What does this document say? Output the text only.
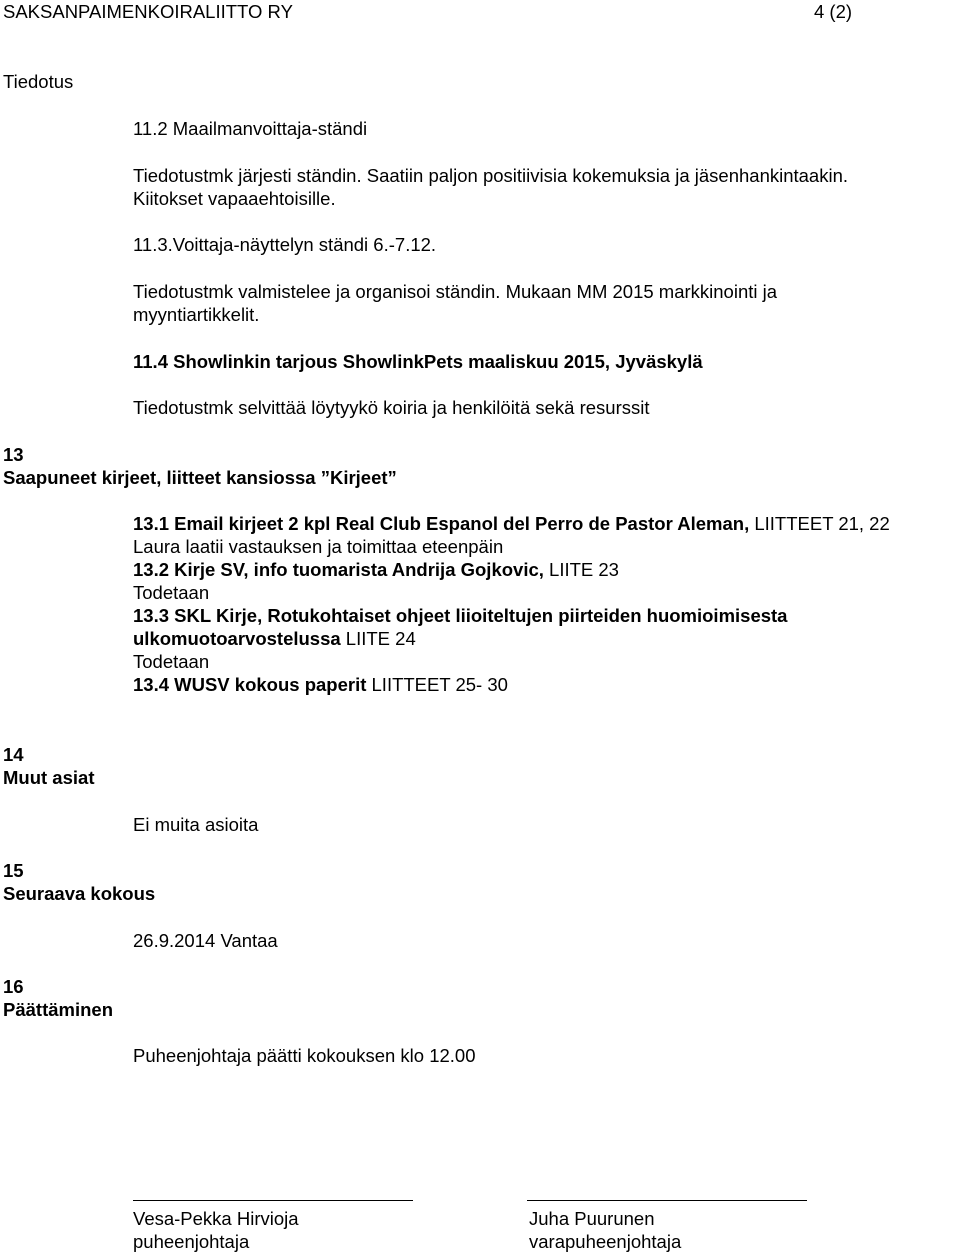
SAKSANPAIMENKOIRALIITTO RY	4 (2)
Tiedotus
11.2 Maailmanvoittaja-ständi
Tiedotustmk järjesti ständin. Saatiin paljon positiivisia kokemuksia ja jäsenhankintaakin.
Kiitokset vapaaehtoisille.
11.3.Voittaja-näyttelyn ständi 6.-7.12.
Tiedotustmk valmistelee ja organisoi ständin. Mukaan MM 2015 markkinointi ja
myyntiartikkelit.
11.4 Showlinkin tarjous ShowlinkPets maaliskuu 2015, Jyväskylä
Tiedotustmk selvittää löytyykö koiria ja henkilöitä sekä resurssit
13
Saapuneet kirjeet, liitteet kansiossa ”Kirjeet”
13.1 Email kirjeet 2 kpl Real Club Espanol del Perro de Pastor Aleman, LIITTEET 21, 22
Laura laatii vastauksen ja toimittaa eteenpäin
13.2 Kirje SV, info tuomarista Andrija Gojkovic, LIITE 23
Todetaan
13.3 SKL Kirje, Rotukohtaiset ohjeet liioiteltujen piirteiden huomioimisesta
ulkomuotoarvostelussa LIITE 24
Todetaan
13.4 WUSV kokous paperit LIITTEET 25- 30
14
Muut asiat
Ei muita asioita
15
Seuraava kokous
26.9.2014 Vantaa
16
Päättäminen
Puheenjohtaja päätti kokouksen klo 12.00
Vesa-Pekka Hirvioja
puheenjohtaja
Juha Puurunen
varapuheenjohtaja
